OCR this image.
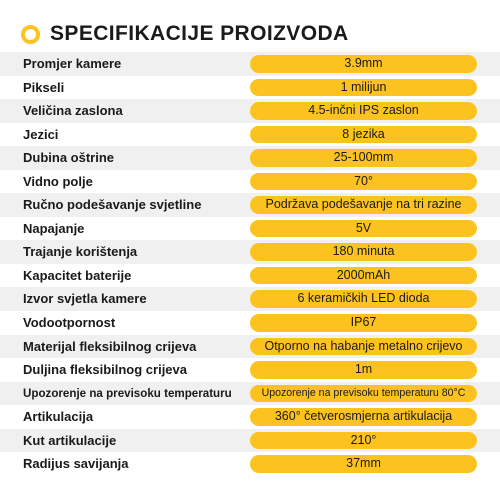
SPECIFIKACIJE PROIZVODA
Promjer kamere	3.9mm
Pikseli	1 milijun
Veličina zaslona	4.5-inčni IPS zaslon
Jezici	8 jezika
Dubina oštrine	25-100mm
Vidno polje	70°
Ručno podešavanje svjetline	Podržava podešavanje na tri razine
Napajanje	5V
Trajanje korištenja	180 minuta
Kapacitet baterije	2000mAh
Izvor svjetla kamere	6 keramičkih LED dioda
Vodootpornost	IP67
Materijal fleksibilnog crijeva	Otporno na habanje metalno crijevo
Duljina fleksibilnog crijeva	1m
Upozorenje na previsoku temperaturu	Upozorenje na previsoku temperaturu 80°C
Artikulacija	360° četverosmjerna artikulacija
Kut artikulacije	210°
Radijus savijanja	37mm
